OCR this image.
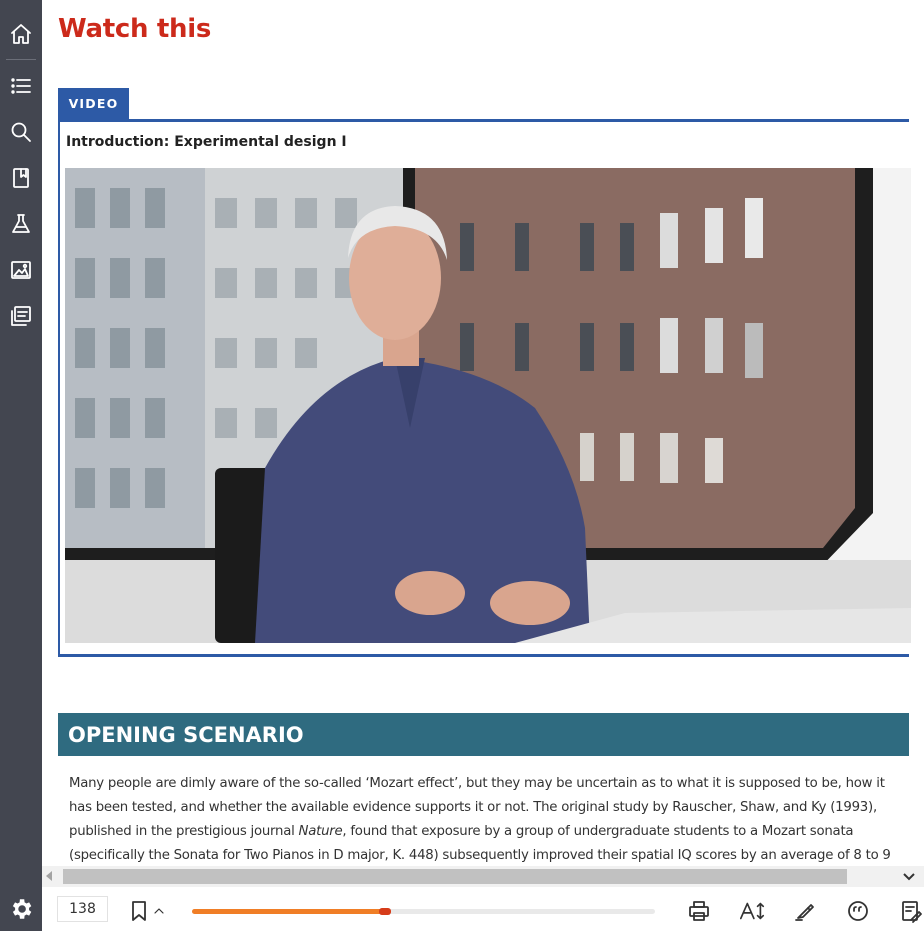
Watch this
VIDEO
Introduction: Experimental design I
OPENING SCENARIO

Many people are dimly aware of the so-called ‘Mozart effect’, but they may be uncertain as to what it is supposed to be, how it has been tested, and whether the available evidence supports it or not. The original study by Rauscher, Shaw, and Ky (1993), published in the prestigious journal Nature, found that exposure by a group of undergraduate students to a Mozart sonata (specifically the Sonata for Two Pianos in D major, K. 448) subsequently improved their spatial IQ scores by an average of 8 to 9

138
